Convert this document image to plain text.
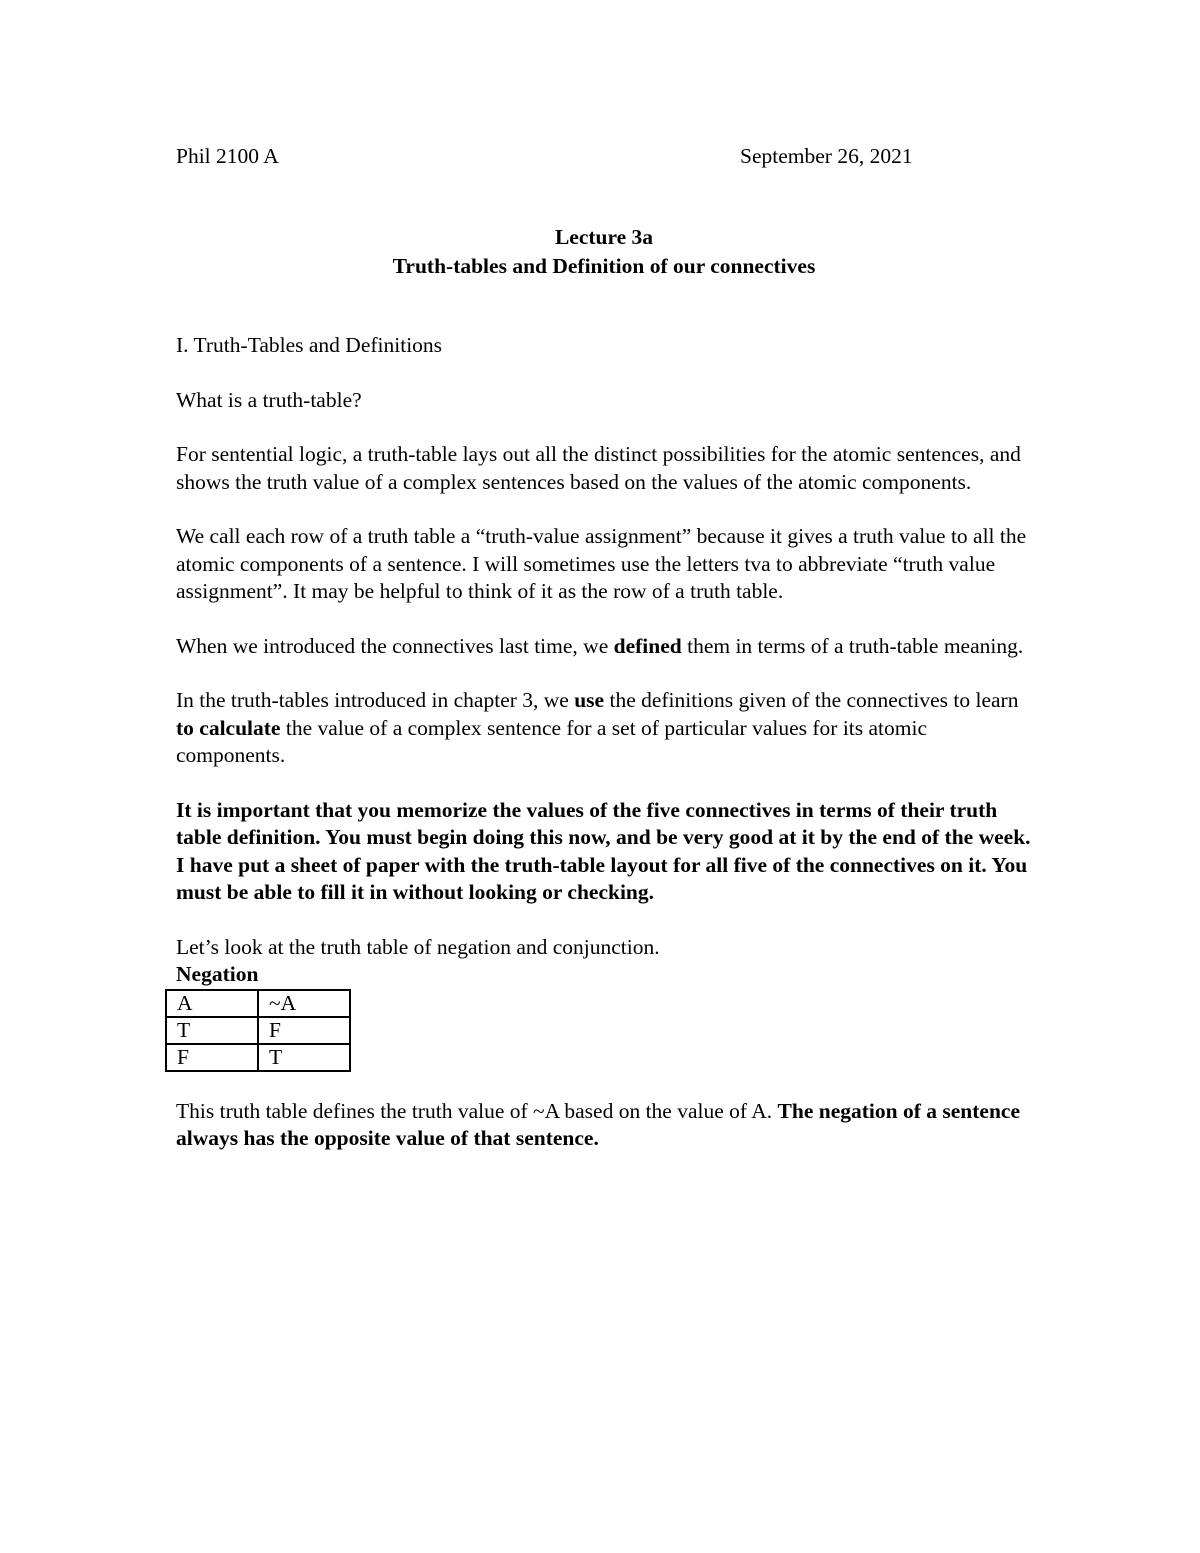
Phil 2100 A	September 26, 2021
Lecture 3a
Truth-tables and Definition of our connectives
I. Truth-Tables and Definitions
What is a truth-table?
For sentential logic, a truth-table lays out all the distinct possibilities for the atomic sentences, and shows the truth value of a complex sentences based on the values of the atomic components.
We call each row of a truth table a “truth-value assignment” because it gives a truth value to all the atomic components of a sentence. I will sometimes use the letters tva to abbreviate “truth value assignment”. It may be helpful to think of it as the row of a truth table.
When we introduced the connectives last time, we defined them in terms of a truth-table meaning.
In the truth-tables introduced in chapter 3, we use the definitions given of the connectives to learn to calculate the value of a complex sentence for a set of particular values for its atomic components.
It is important that you memorize the values of the five connectives in terms of their truth table definition. You must begin doing this now, and be very good at it by the end of the week. I have put a sheet of paper with the truth-table layout for all five of the connectives on it. You must be able to fill it in without looking or checking.
Let’s look at the truth table of negation and conjunction.
Negation
A	~A
T	F
F	T
This truth table defines the truth value of ~A based on the value of A. The negation of a sentence always has the opposite value of that sentence.
